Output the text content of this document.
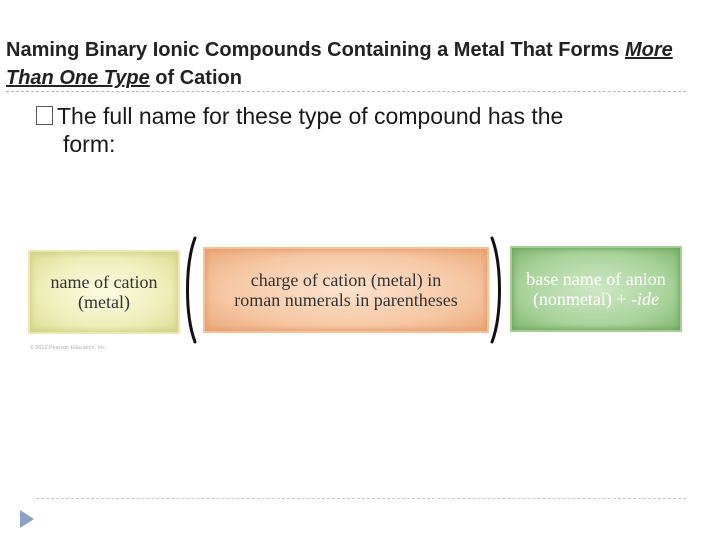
Naming Binary Ionic Compounds Containing a Metal That Forms More Than One Type of Cation
The full name for these type of compound has the
form:
name of cation
(metal)
charge of cation (metal) in
roman numerals in parentheses
base name of anion
(nonmetal) + -ide
© 2012 Pearson Education, Inc.
